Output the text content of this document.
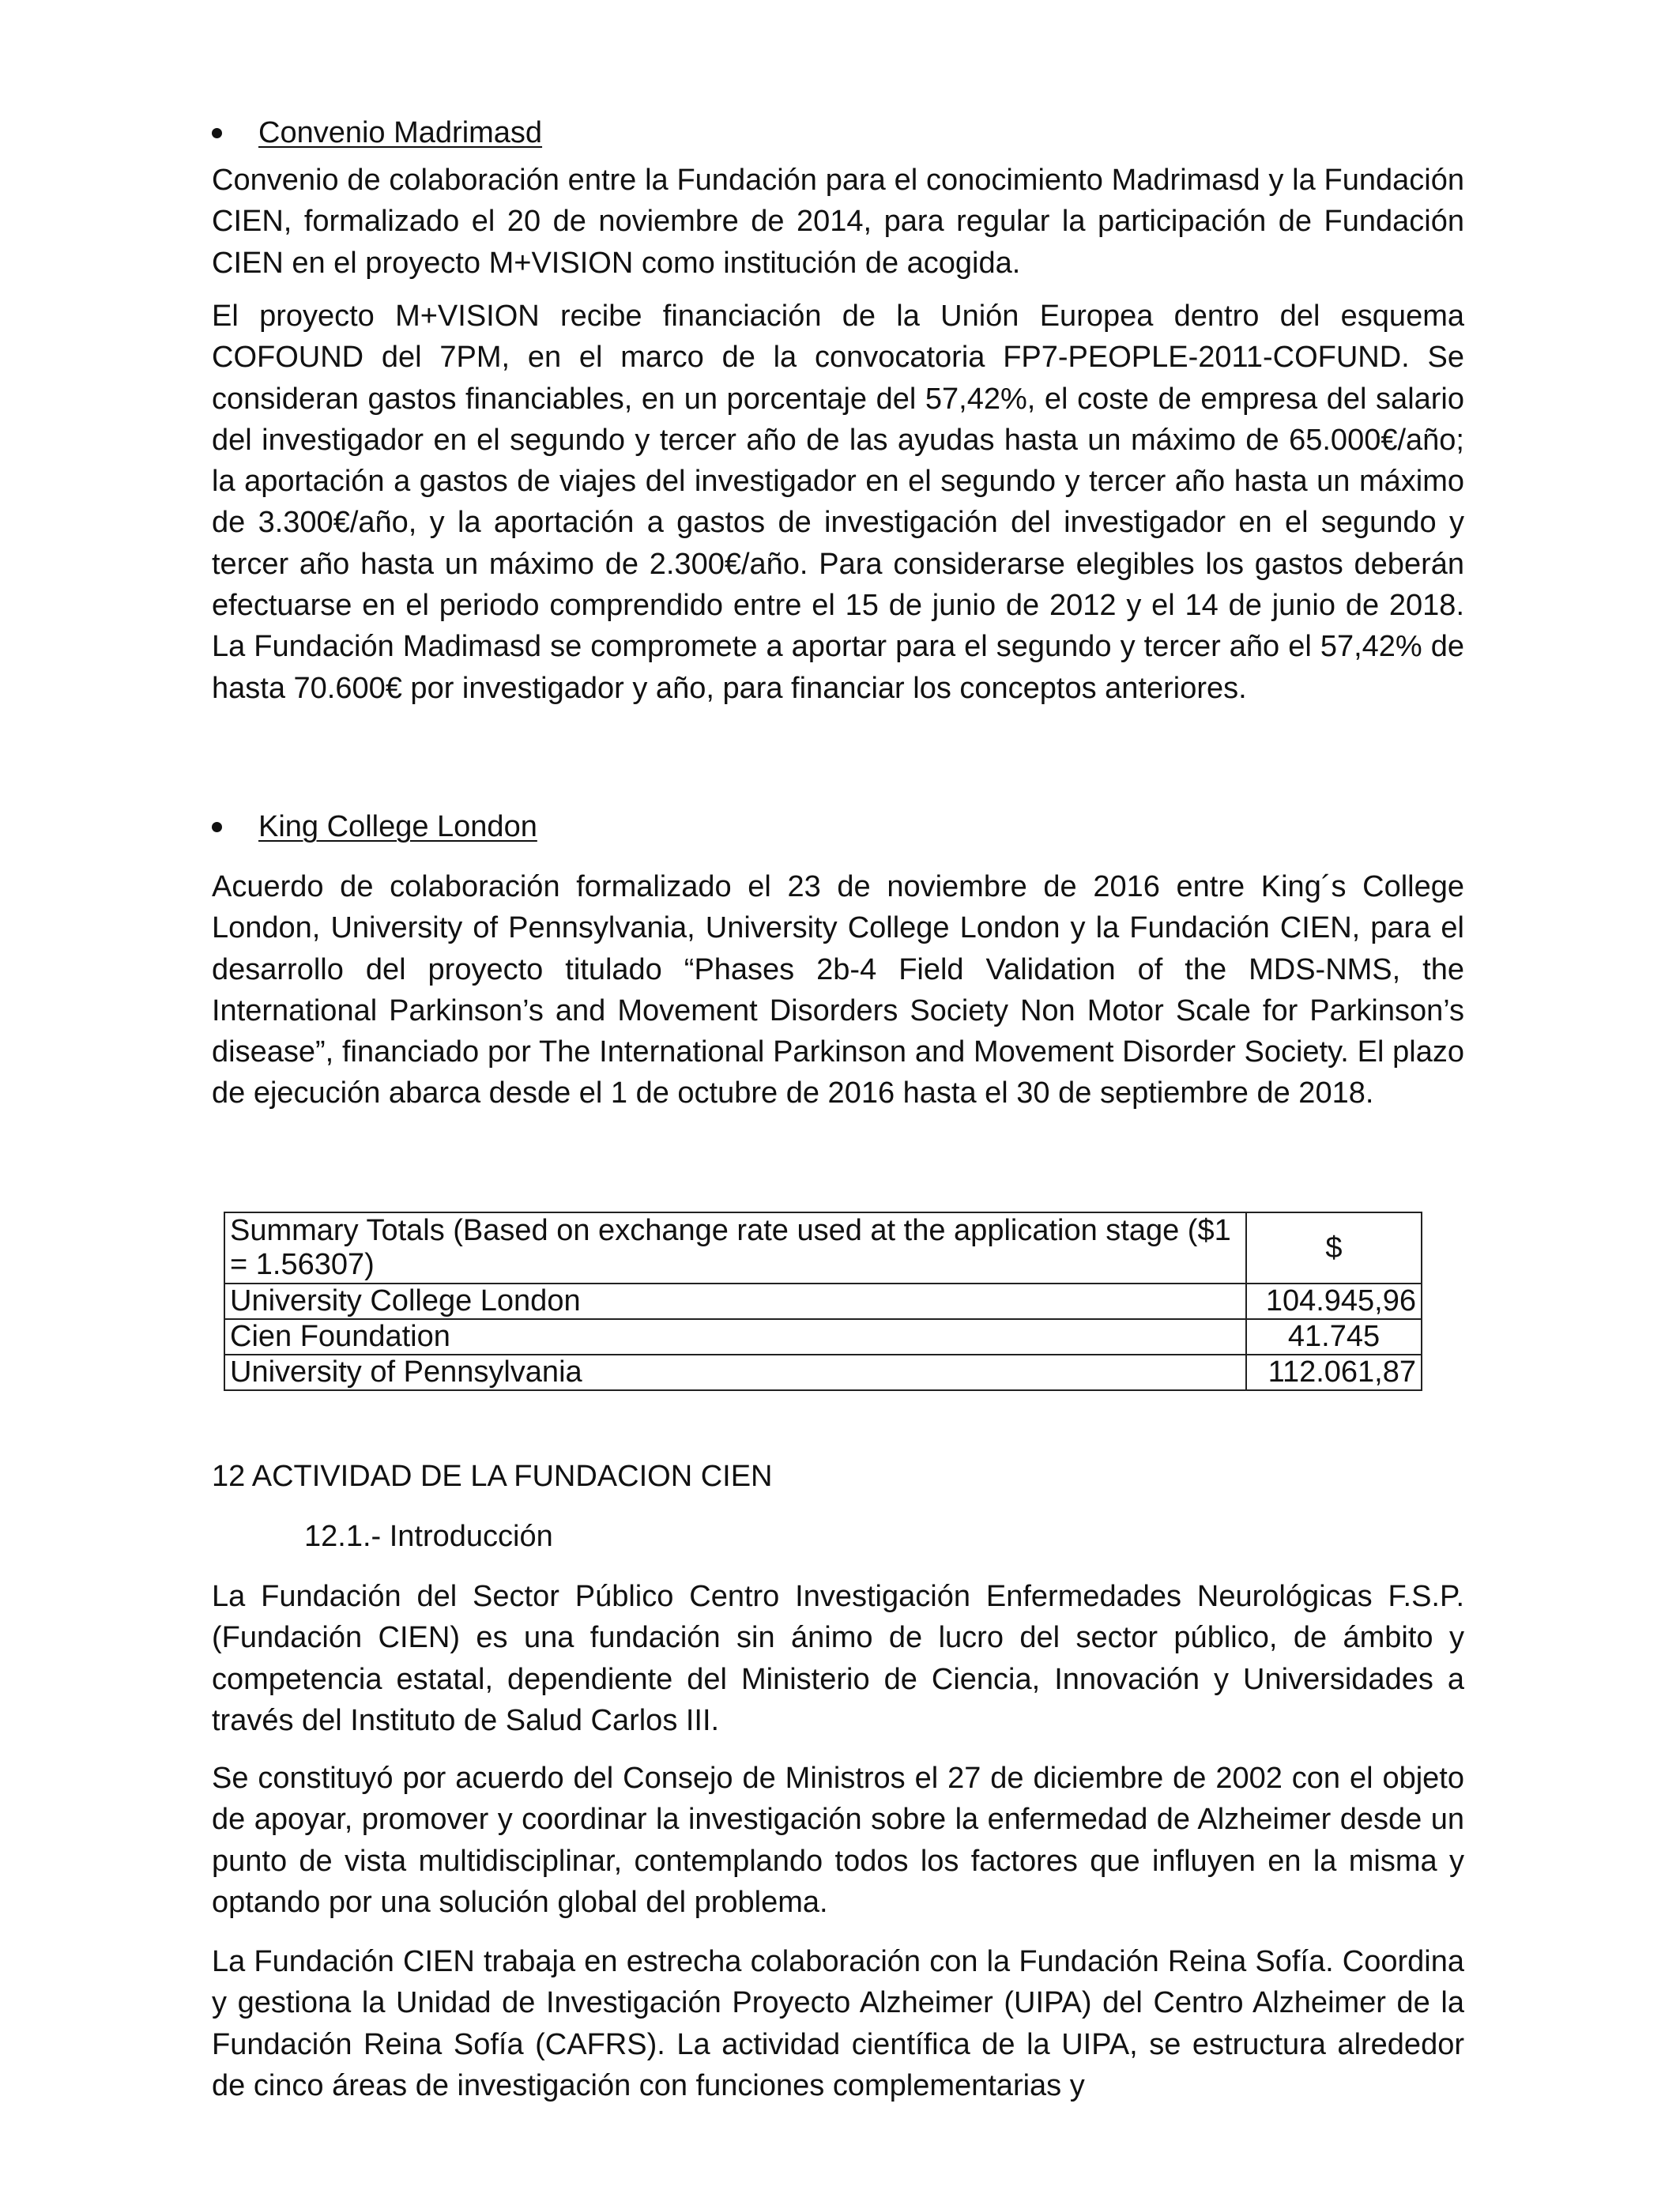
Convenio Madrimasd

Convenio de colaboración entre la Fundación para el conocimiento Madrimasd y la Fundación CIEN, formalizado el 20 de noviembre de 2014, para regular la participación de Fundación CIEN en el proyecto M+VISION como institución de acogida.

El proyecto M+VISION recibe financiación de la Unión Europea dentro del esquema COFOUND del 7PM, en el marco de la convocatoria FP7-PEOPLE-2011-COFUND. Se consideran gastos financiables, en un porcentaje del 57,42%, el coste de empresa del salario del investigador en el segundo y tercer año de las ayudas hasta un máximo de 65.000€/año; la aportación a gastos de viajes del investigador en el segundo y tercer año hasta un máximo de 3.300€/año, y la aportación a gastos de investigación del investigador en el segundo y tercer año hasta un máximo de 2.300€/año. Para considerarse elegibles los gastos deberán efectuarse en el periodo comprendido entre el 15 de junio de 2012 y el 14 de junio de 2018. La Fundación Madimasd se compromete a aportar para el segundo y tercer año el 57,42% de hasta 70.600€ por investigador y año, para financiar los conceptos anteriores.

King College London

Acuerdo de colaboración formalizado el 23 de noviembre de 2016 entre King´s College London, University of Pennsylvania, University College London y la Fundación CIEN, para el desarrollo del proyecto titulado “Phases 2b-4 Field Validation of the MDS-NMS, the International Parkinson’s and Movement Disorders Society Non Motor Scale for Parkinson’s disease”, financiado por The International Parkinson and Movement Disorder Society. El plazo de ejecución abarca desde el 1 de octubre de 2016 hasta el 30 de septiembre de 2018.

Summary Totals (Based on exchange rate used at the application stage ($1 = 1.56307)	$
University College London	104.945,96
Cien Foundation	41.745
University of Pennsylvania	112.061,87
12 ACTIVIDAD DE LA FUNDACION CIEN
12.1.- Introducción

La Fundación del Sector Público Centro Investigación Enfermedades Neurológicas F.S.P. (Fundación CIEN) es una fundación sin ánimo de lucro del sector público, de ámbito y competencia estatal, dependiente del Ministerio de Ciencia, Innovación y Universidades a través del Instituto de Salud Carlos III.

Se constituyó por acuerdo del Consejo de Ministros el 27 de diciembre de 2002 con el objeto de apoyar, promover y coordinar la investigación sobre la enfermedad de Alzheimer desde un punto de vista multidisciplinar, contemplando todos los factores que influyen en la misma y optando por una solución global del problema.

La Fundación CIEN trabaja en estrecha colaboración con la Fundación Reina Sofía. Coordina y gestiona la Unidad de Investigación Proyecto Alzheimer (UIPA) del Centro Alzheimer de la Fundación Reina Sofía (CAFRS). La actividad científica de la UIPA, se estructura alrededor de cinco áreas de investigación con funciones complementarias y
